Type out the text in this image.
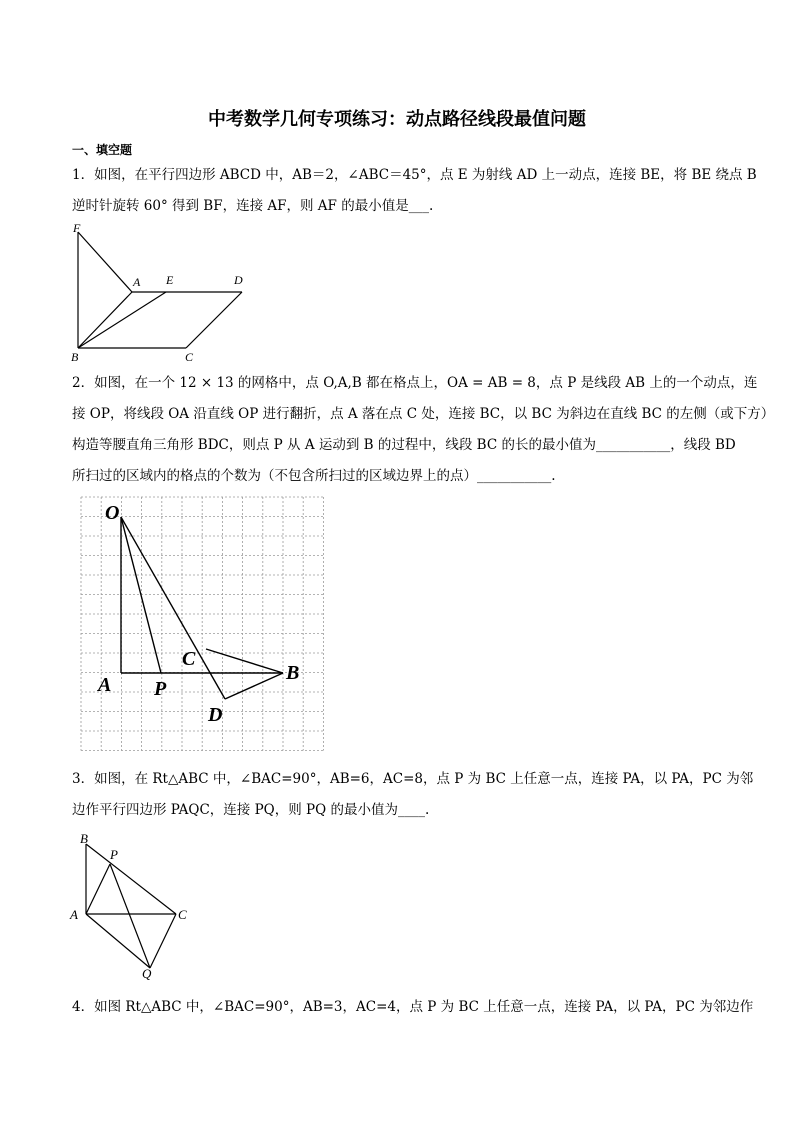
中考数学几何专项练习：动点路径线段最值问题
一、填空题

1．如图，在平行四边形 ABCD 中，AB＝2，∠ABC＝45°，点 E 为射线 AD 上一动点，连接 BE，将 BE 绕点 B

逆时针旋转 60° 得到 BF，连接 AF，则 AF 的最小值是___.

F
A E	D
B	C

2．如图，在一个 12 × 13 的网格中，点 O,A,B 都在格点上，OA = AB = 8，点 P 是线段 AB 上的一个动点，连

接 OP，将线段 OA 沿直线 OP 进行翻折，点 A 落在点 C 处，连接 BC，以 BC 为斜边在直线 BC 的左侧（或下方）

构造等腰直角三角形 BDC，则点 P 从 A 运动到 B 的过程中，线段 BC 的长的最小值为___________，线段 BD

所扫过的区域内的格点的个数为（不包含所扫过的区域边界上的点）___________.

O
A P
C
B
D

3．如图，在 Rt△ABC 中，∠BAC=90°，AB=6，AC=8，点 P 为 BC 上任意一点，连接 PA，以 PA，PC 为邻

边作平行四边形 PAQC，连接 PQ，则 PQ 的最小值为____.

B
P
A	C
Q

4．如图 Rt△ABC 中，∠BAC=90°，AB=3，AC=4，点 P 为 BC 上任意一点，连接 PA，以 PA，PC 为邻边作
